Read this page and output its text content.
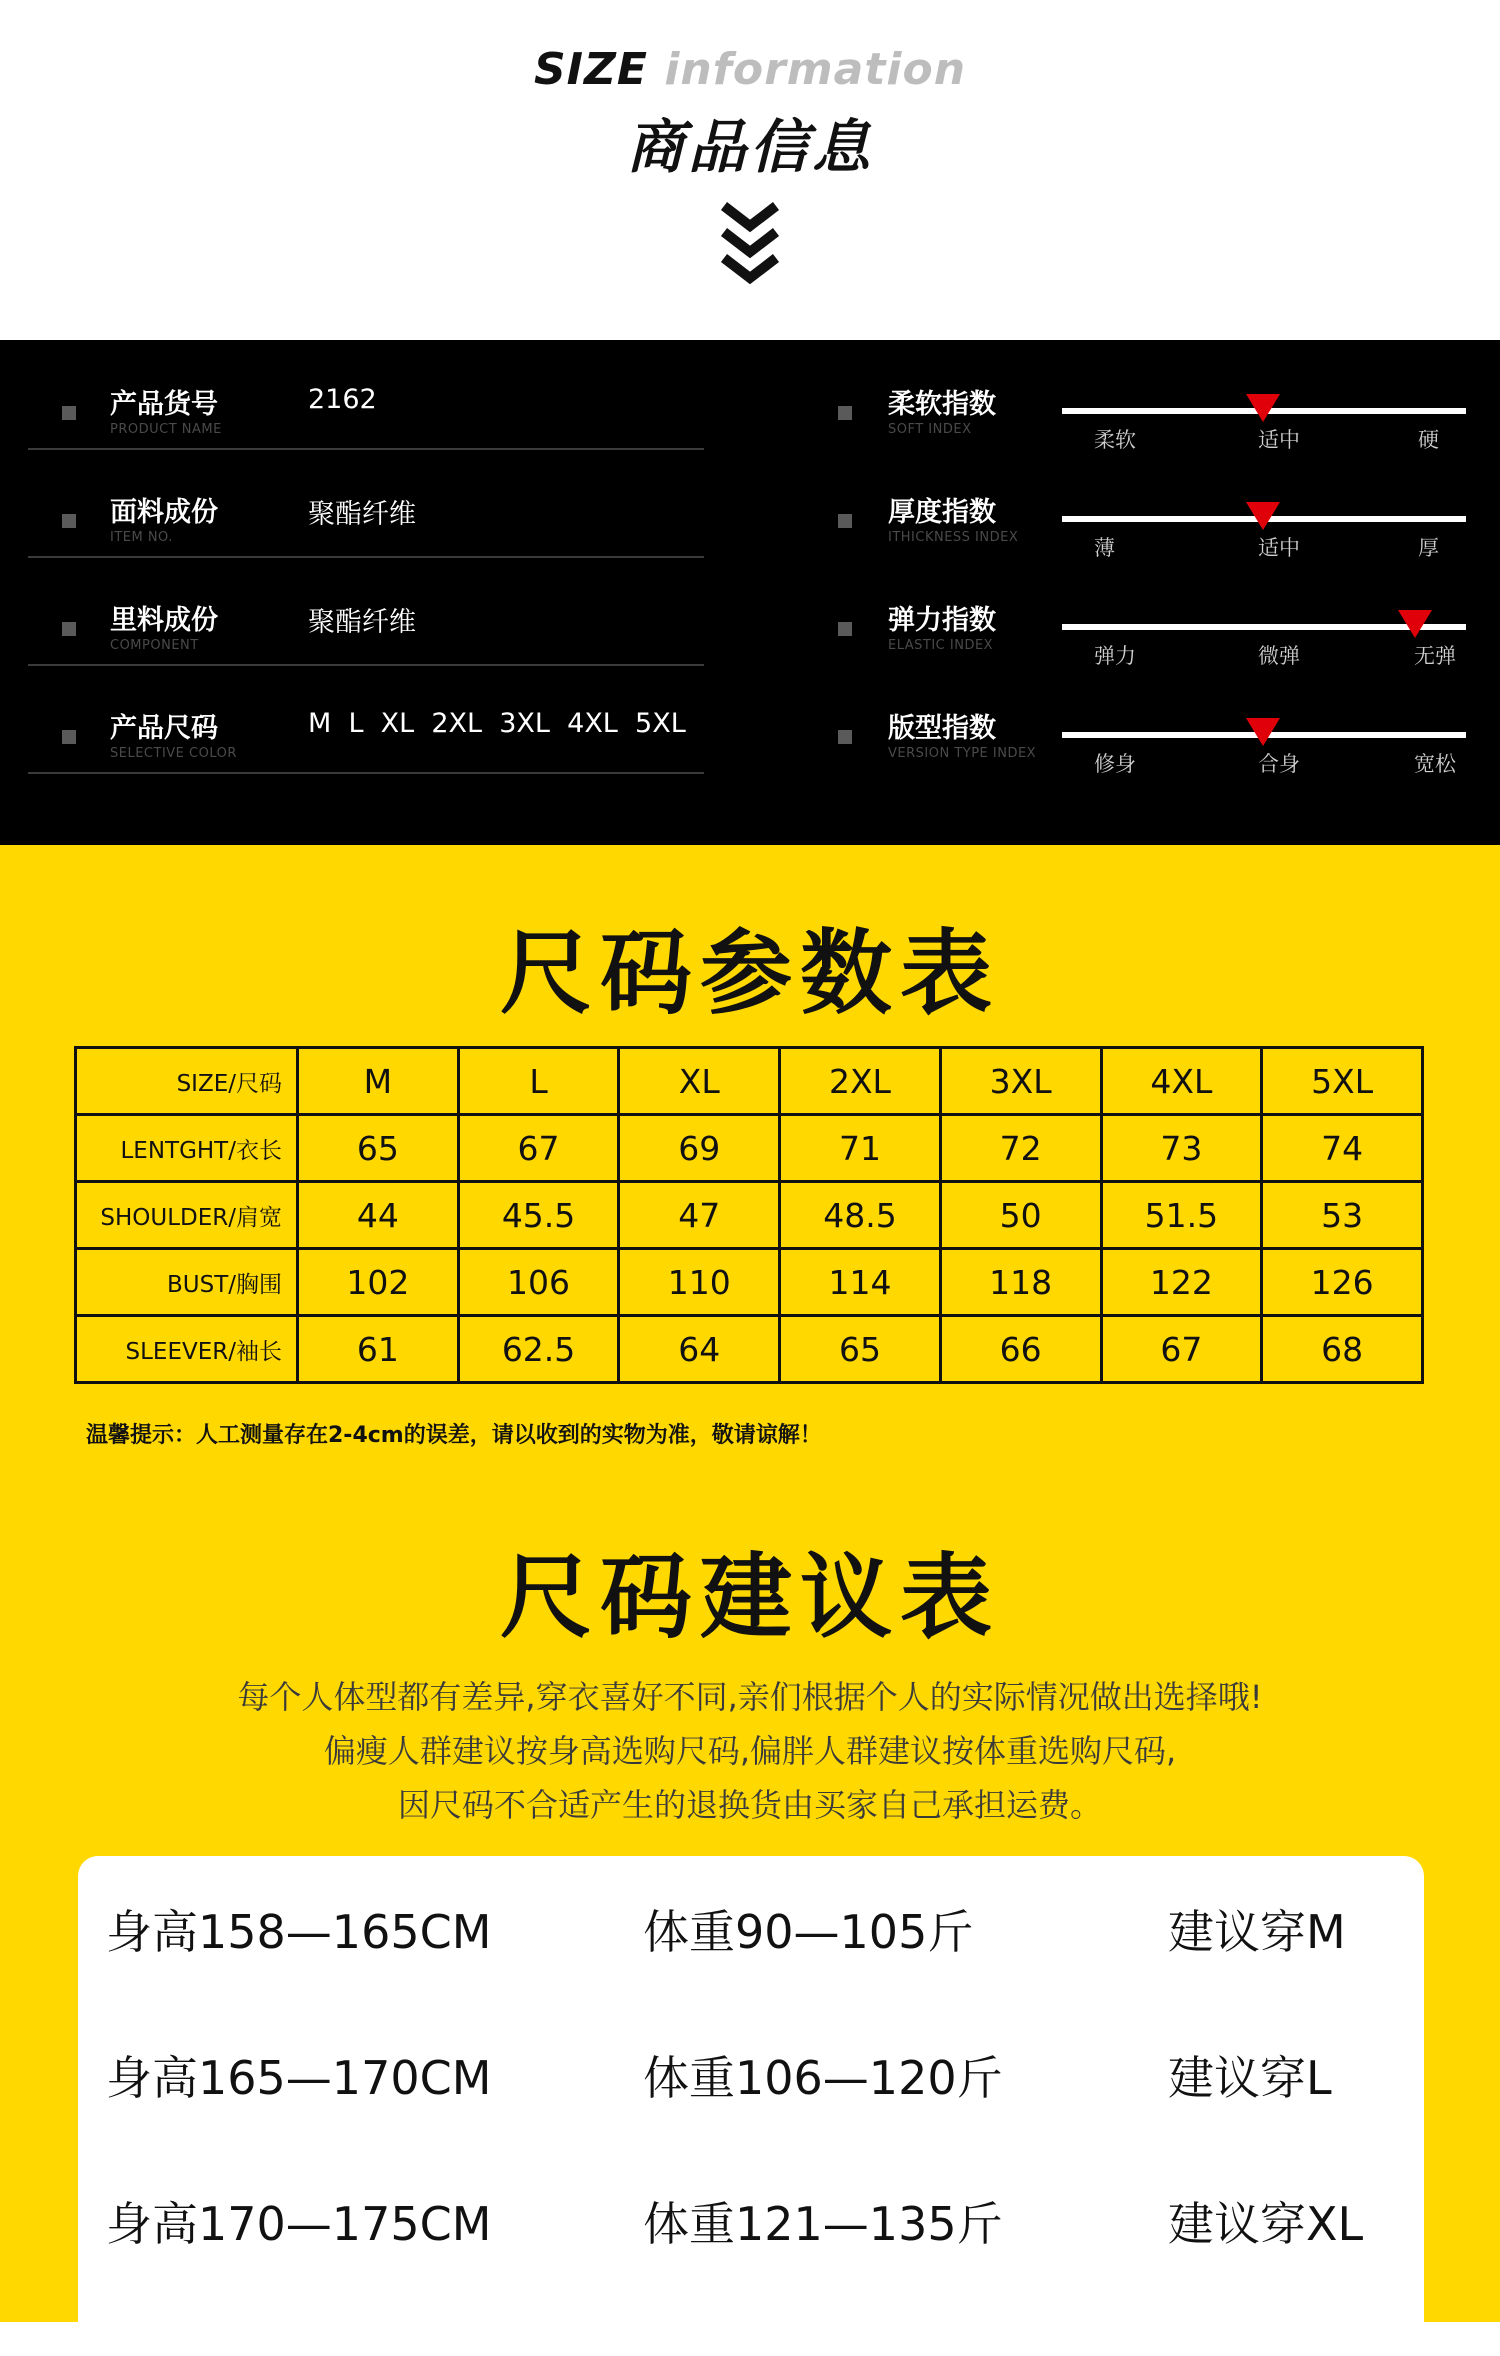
SIZE information
商品信息
产品货号
PRODUCT NAME
2162
面料成份
ITEM NO.
聚酯纤维
里料成份
COMPONENT
聚酯纤维
产品尺码
SELECTIVE COLOR
M  L  XL  2XL  3XL  4XL  5XL
柔软指数
SOFT INDEX	柔软	适中	硬
厚度指数
ITHICKNESS INDEX	薄	适中	厚
弹力指数
ELASTIC INDEX	弹力	微弹	无弹
版型指数
VERSION TYPE INDEX	修身	合身	宽松
尺码参数表
SIZE/尺码	M	L	XL	2XL	3XL	4XL	5XL
LENTGHT/衣长	65	67	69	71	72	73	74
SHOULDER/肩宽	44	45.5	47	48.5	50	51.5	53
BUST/胸围	102	106	110	114	118	122	126
SLEEVER/袖长	61	62.5	64	65	66	67	68
温馨提示：人工测量存在2-4cm的误差，请以收到的实物为准，敬请谅解！
尺码建议表
每个人体型都有差异,穿衣喜好不同,亲们根据个人的实际情况做出选择哦!
偏瘦人群建议按身高选购尺码,偏胖人群建议按体重选购尺码,
因尺码不合适产生的退换货由买家自己承担运费。
身高158—165CM	体重90—105斤	建议穿M
身高165—170CM	体重106—120斤	建议穿L
身高170—175CM	体重121—135斤	建议穿XL
